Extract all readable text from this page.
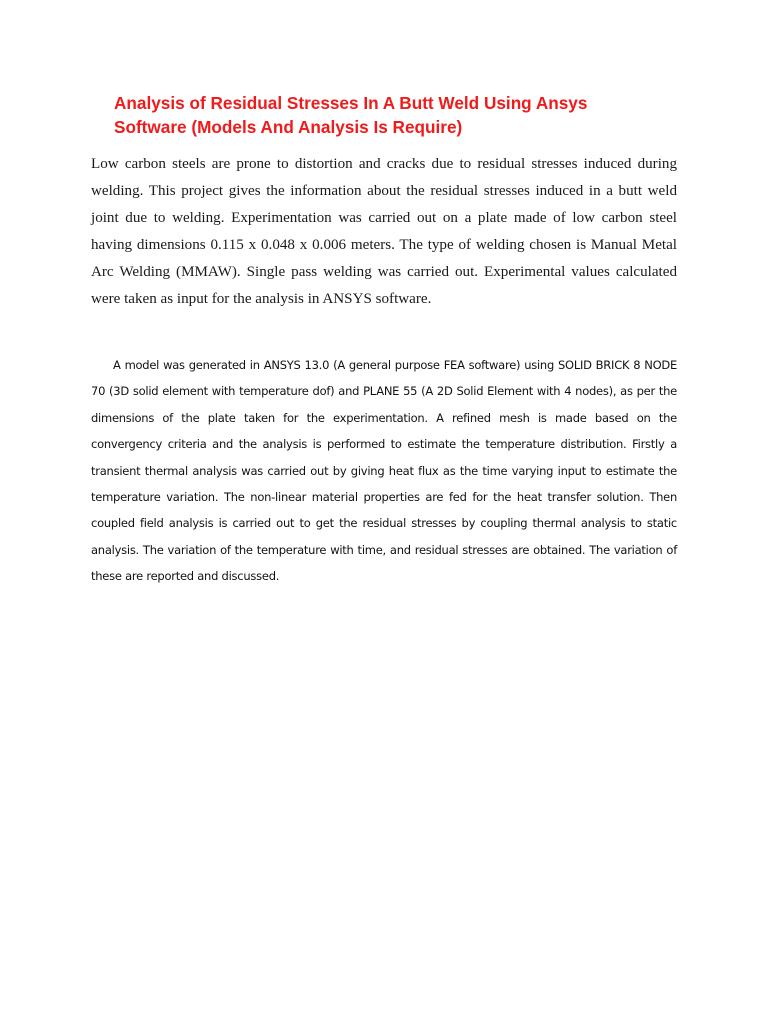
Analysis of Residual Stresses In A Butt Weld Using Ansys Software (Models And Analysis Is Require)

Low carbon steels are prone to distortion and cracks due to residual stresses induced during welding. This project gives the information about the residual stresses induced in a butt weld joint due to welding. Experimentation was carried out on a plate made of low carbon steel having dimensions 0.115 x 0.048 x 0.006 meters. The type of welding chosen is Manual Metal Arc Welding (MMAW). Single pass welding was carried out. Experimental values calculated were taken as input for the analysis in ANSYS software.

A model was generated in ANSYS 13.0 (A general purpose FEA software) using SOLID BRICK 8 NODE 70 (3D solid element with temperature dof) and PLANE 55 (A 2D Solid Element with 4 nodes), as per the dimensions of the plate taken for the experimentation. A refined mesh is made based on the convergency criteria and the analysis is performed to estimate the temperature distribution. Firstly a transient thermal analysis was carried out by giving heat flux as the time varying input to estimate the temperature variation. The non-linear material properties are fed for the heat transfer solution. Then coupled field analysis is carried out to get the residual stresses by coupling thermal analysis to static analysis. The variation of the temperature with time, and residual stresses are obtained. The variation of these are reported and discussed.
